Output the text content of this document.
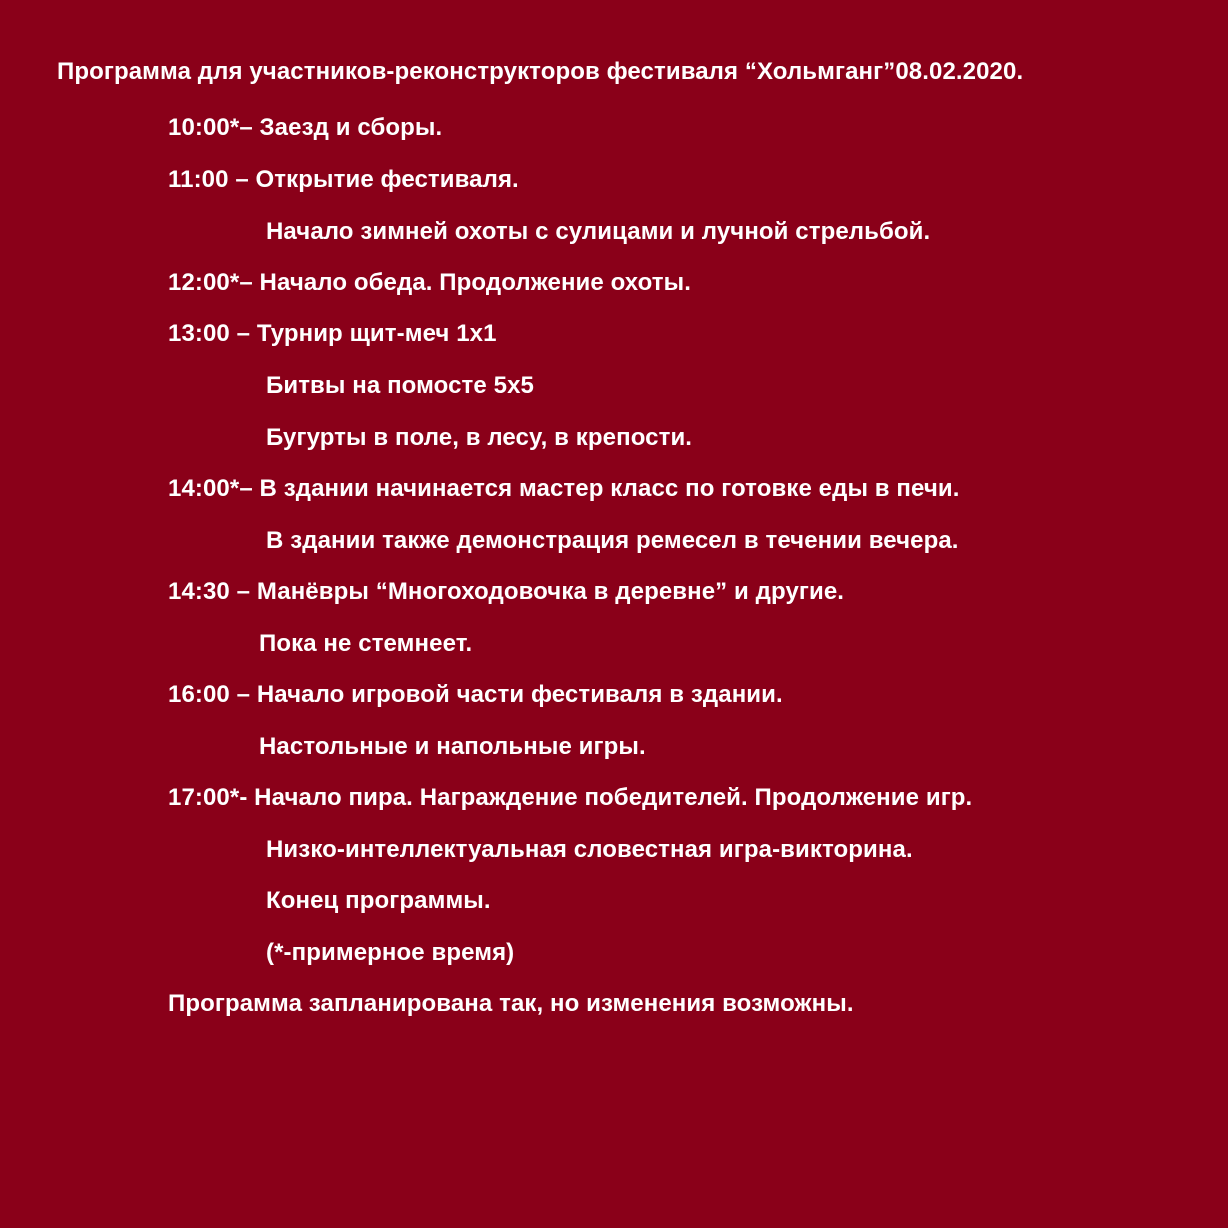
Программа для участников-реконструкторов фестиваля “Хольмганг”08.02.2020.
10:00*– Заезд и сборы.
11:00 – Открытие фестиваля.
Начало зимней охоты с сулицами и лучной стрельбой.
12:00*– Начало обеда. Продолжение охоты.
13:00 – Турнир щит-меч 1х1
Битвы на помосте 5х5
Бугурты в поле, в лесу, в крепости.
14:00*– В здании начинается мастер класс по готовке еды в печи.
В здании также демонстрация ремесел в течении вечера.
14:30 – Манёвры “Многоходовочка в деревне” и другие.
Пока не стемнеет.
16:00 – Начало игровой части фестиваля в здании.
Настольные и напольные игры.
17:00*- Начало пира. Награждение победителей. Продолжение игр.
Низко-интеллектуальная словестная игра-викторина.
Конец программы.
(*-примерное время)
Программа запланирована так, но изменения возможны.
